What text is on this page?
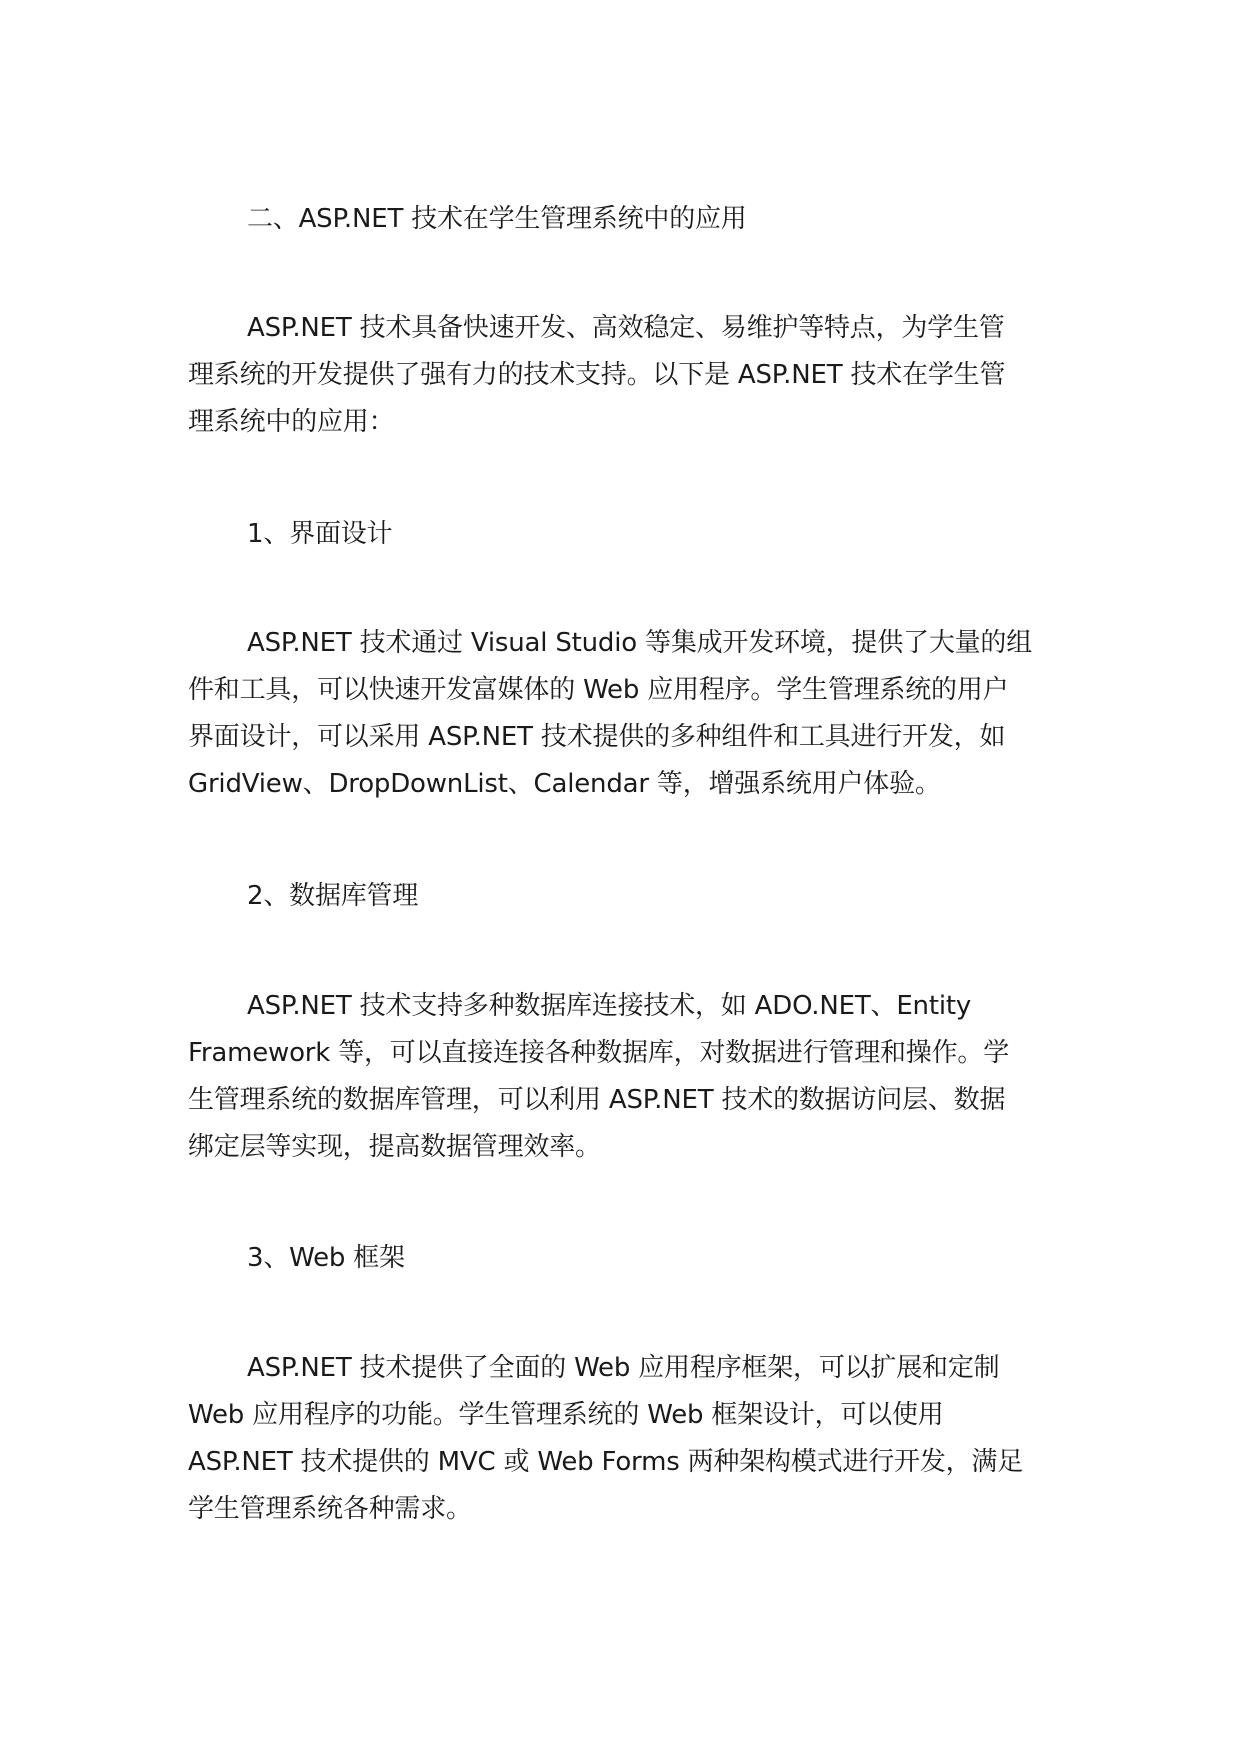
二、ASP.NET 技术在学生管理系统中的应用

ASP.NET 技术具备快速开发、高效稳定、易维护等特点，为学生管
理系统的开发提供了强有力的技术支持。以下是 ASP.NET 技术在学生管
理系统中的应用：

1、界面设计

ASP.NET 技术通过 Visual Studio 等集成开发环境，提供了大量的组
件和工具，可以快速开发富媒体的 Web 应用程序。学生管理系统的用户
界面设计，可以采用 ASP.NET 技术提供的多种组件和工具进行开发，如
GridView、DropDownList、Calendar 等，增强系统用户体验。

2、数据库管理

ASP.NET 技术支持多种数据库连接技术，如 ADO.NET、Entity
Framework 等，可以直接连接各种数据库，对数据进行管理和操作。学
生管理系统的数据库管理，可以利用 ASP.NET 技术的数据访问层、数据
绑定层等实现，提高数据管理效率。

3、Web 框架

ASP.NET 技术提供了全面的 Web 应用程序框架，可以扩展和定制
Web 应用程序的功能。学生管理系统的 Web 框架设计，可以使用
ASP.NET 技术提供的 MVC 或 Web Forms 两种架构模式进行开发，满足
学生管理系统各种需求。
